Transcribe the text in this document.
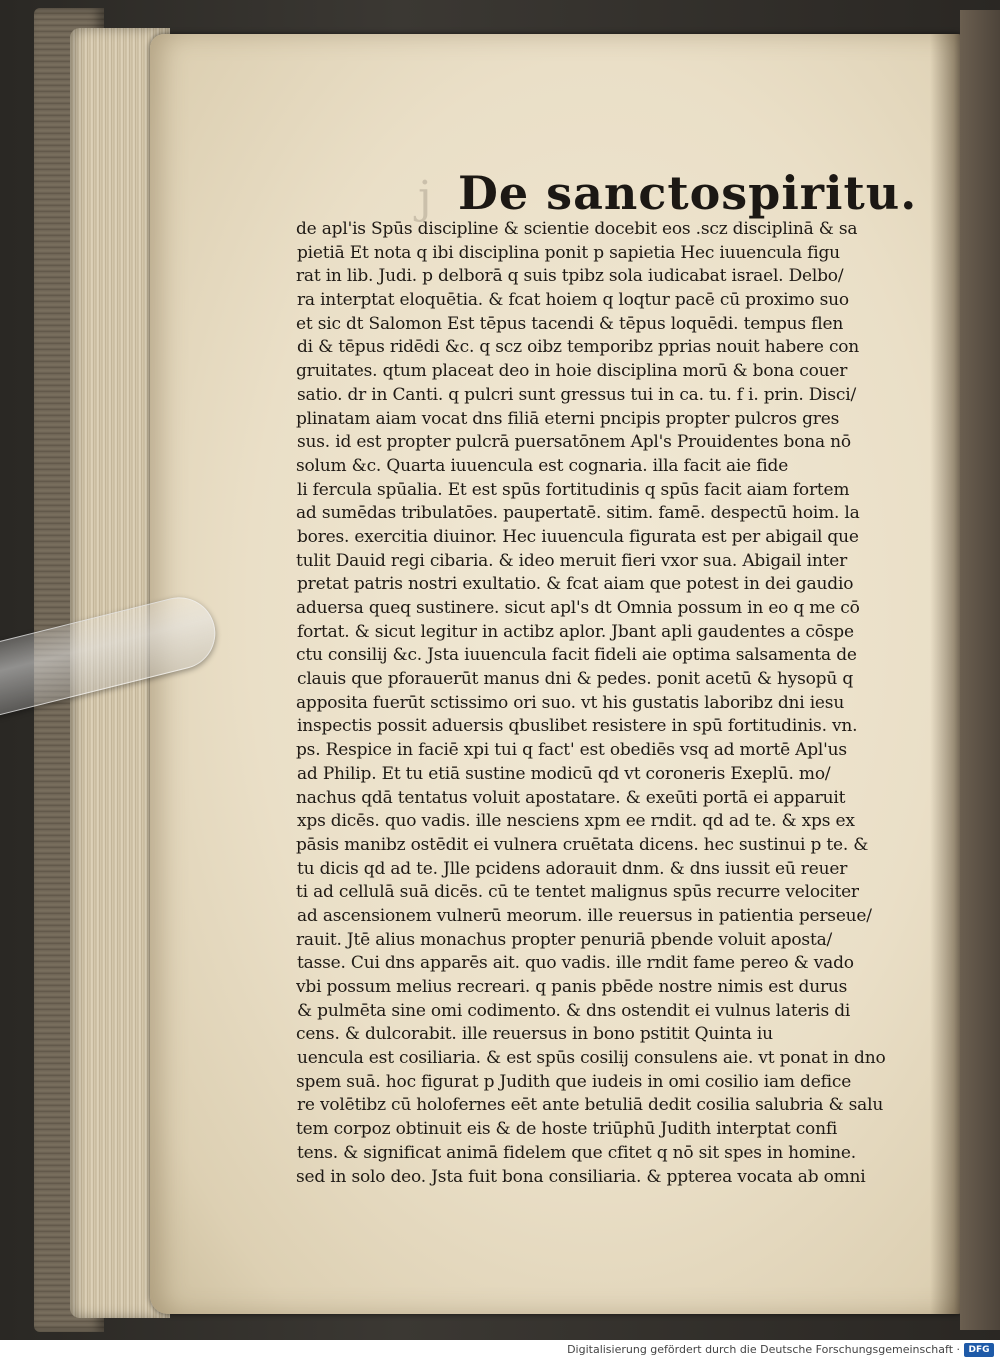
j De sanctospiritu.
de apl'is Spūs discipline & scientie docebit eos .scz disciplinā & sa
pietiā Et nota q ibi disciplina ponit p sapietia Hec iuuencula figu
rat in lib. Judi. p delborā q suis tpibz sola iudicabat israel. Delbo/
ra interptat eloquētia. & fcat hoiem q loqtur pacē cū proximo suo
et sic dt Salomon Est tēpus tacendi & tēpus loquēdi. tempus flen
di & tēpus ridēdi &c. q scz oibz temporibz pprias nouit habere con
gruitates. qtum placeat deo in hoie disciplina morū & bona couer
satio. dr in Canti. q pulcri sunt gressus tui in ca. tu. f i. prin. Disci/
plinatam aiam vocat dns filiā eterni pncipis propter pulcros gres
sus. id est propter pulcrā puersatōnem Apl's Prouidentes bona nō
solum &c. Quarta iuuencula est cognaria. illa facit aie fide
li fercula spūalia. Et est spūs fortitudinis q spūs facit aiam fortem
ad sumēdas tribulatōes. paupertatē. sitim. famē. despectū hoim. la
bores. exercitia diuinor. Hec iuuencula figurata est per abigail que
tulit Dauid regi cibaria. & ideo meruit fieri vxor sua. Abigail inter
pretat patris nostri exultatio. & fcat aiam que potest in dei gaudio
aduersa queq sustinere. sicut apl's dt Omnia possum in eo q me cō
fortat. & sicut legitur in actibz aplor. Jbant apli gaudentes a cōspe
ctu consilij &c. Jsta iuuencula facit fideli aie optima salsamenta de
clauis que pforauerūt manus dni & pedes. ponit acetū & hysopū q
apposita fuerūt sctissimo ori suo. vt his gustatis laboribz dni iesu
inspectis possit aduersis qbuslibet resistere in spū fortitudinis. vn.
ps. Respice in faciē xpi tui q fact' est obediēs vsq ad mortē Apl'us
ad Philip. Et tu etiā sustine modicū qd vt coroneris Exeplū. mo/
nachus qdā tentatus voluit apostatare. & exeūti portā ei apparuit
xps dicēs. quo vadis. ille nesciens xpm ee rndit. qd ad te. & xps ex
pāsis manibz ostēdit ei vulnera cruētata dicens. hec sustinui p te. &
tu dicis qd ad te. Jlle pcidens adorauit dnm. & dns iussit eū reuer
ti ad cellulā suā dicēs. cū te tentet malignus spūs recurre velociter
ad ascensionem vulnerū meorum. ille reuersus in patientia perseue/
rauit. Jtē alius monachus propter penuriā pbende voluit aposta/
tasse. Cui dns apparēs ait. quo vadis. ille rndit fame pereo & vado
vbi possum melius recreari. q panis pbēde nostre nimis est durus
& pulmēta sine omi codimento. & dns ostendit ei vulnus lateris di
cens. & dulcorabit. ille reuersus in bono pstitit Quinta iu
uencula est cosiliaria. & est spūs cosilij consulens aie. vt ponat in dno
spem suā. hoc figurat p Judith que iudeis in omi cosilio iam defice
re volētibz cū holofernes eēt ante betuliā dedit cosilia salubria & salu
tem corpoz obtinuit eis & de hoste triūphū Judith interptat confi
tens. & significat animā fidelem que cfitet q nō sit spes in homine.
sed in solo deo. Jsta fuit bona consiliaria. & ppterea vocata ab omni
Digitalisierung gefördert durch die Deutsche Forschungsgemeinschaft · DFG
